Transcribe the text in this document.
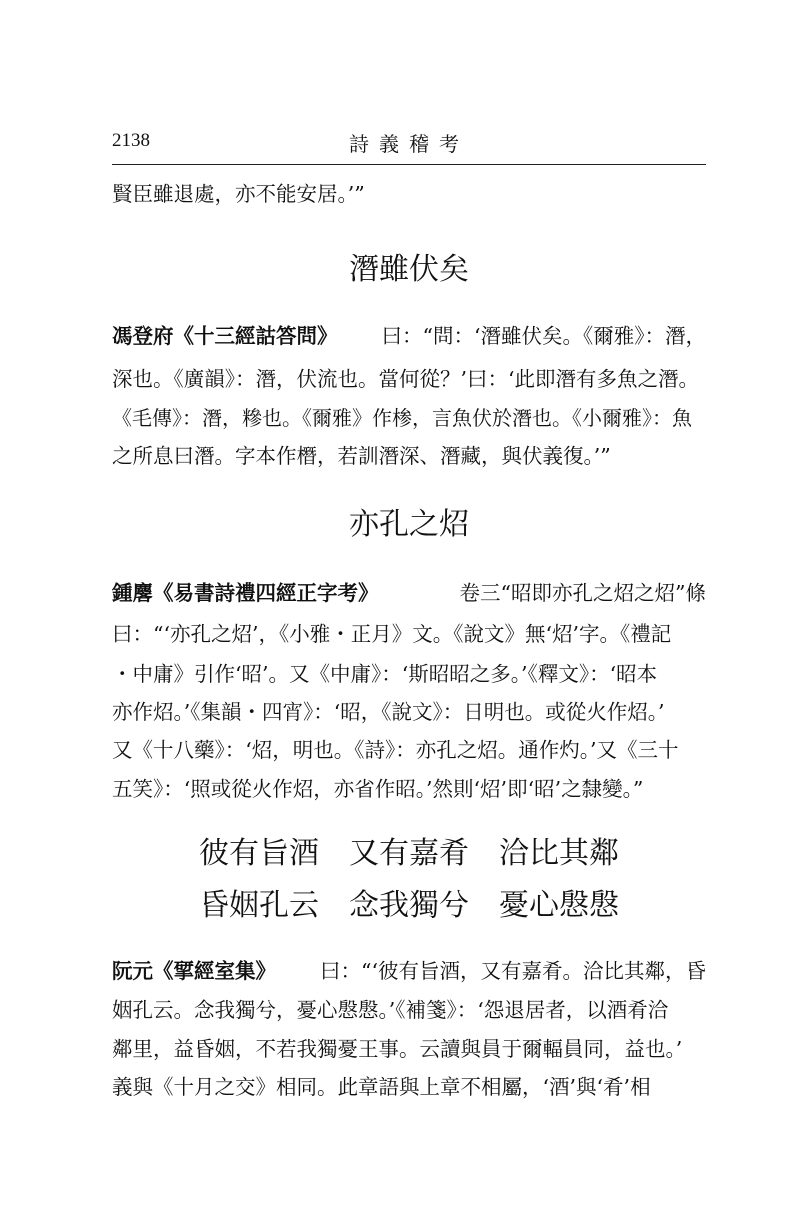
2138	詩義稽考
賢臣雖退處，亦不能安居。’”
潛雖伏矣
馮登府《十三經詁答問》 曰：“問：‘潛雖伏矣。《爾雅》：潛，
深也。《廣韻》：潛，伏流也。當何從？’曰：‘此即潛有多魚之潛。
《毛傳》：潛，糝也。《爾雅》作椮，言魚伏於潛也。《小爾雅》：魚
之所息曰潛。字本作橬，若訓潛深、潛藏，與伏義復。’”
亦孔之炤
鍾麐《易書詩禮四經正字考》	卷三“昭即亦孔之炤之炤”條
曰：“‘亦孔之炤’，《小雅・正月》文。《說文》無‘炤’字。《禮記
・中庸》引作‘昭’。又《中庸》：‘斯昭昭之多。’《釋文》：‘昭本
亦作炤。’《集韻・四宵》：‘昭，《說文》：日明也。或從火作炤。’
又《十八藥》：‘炤，明也。《詩》：亦孔之炤。通作灼。’又《三十
五笑》：‘照或從火作炤，亦省作昭。’然則‘炤’即‘昭’之隸變。”
彼有旨酒　又有嘉肴　洽比其鄰
昏姻孔云　念我獨兮　憂心慇慇
阮元《揅經室集》 曰：“‘彼有旨酒，又有嘉肴。洽比其鄰，昏
姻孔云。念我獨兮，憂心慇慇。’《補箋》：‘怨退居者，以酒肴洽
鄰里，益昏姻，不若我獨憂王事。云讀與員于爾輻員同，益也。’
義與《十月之交》相同。此章語與上章不相屬，‘酒’與‘肴’相
